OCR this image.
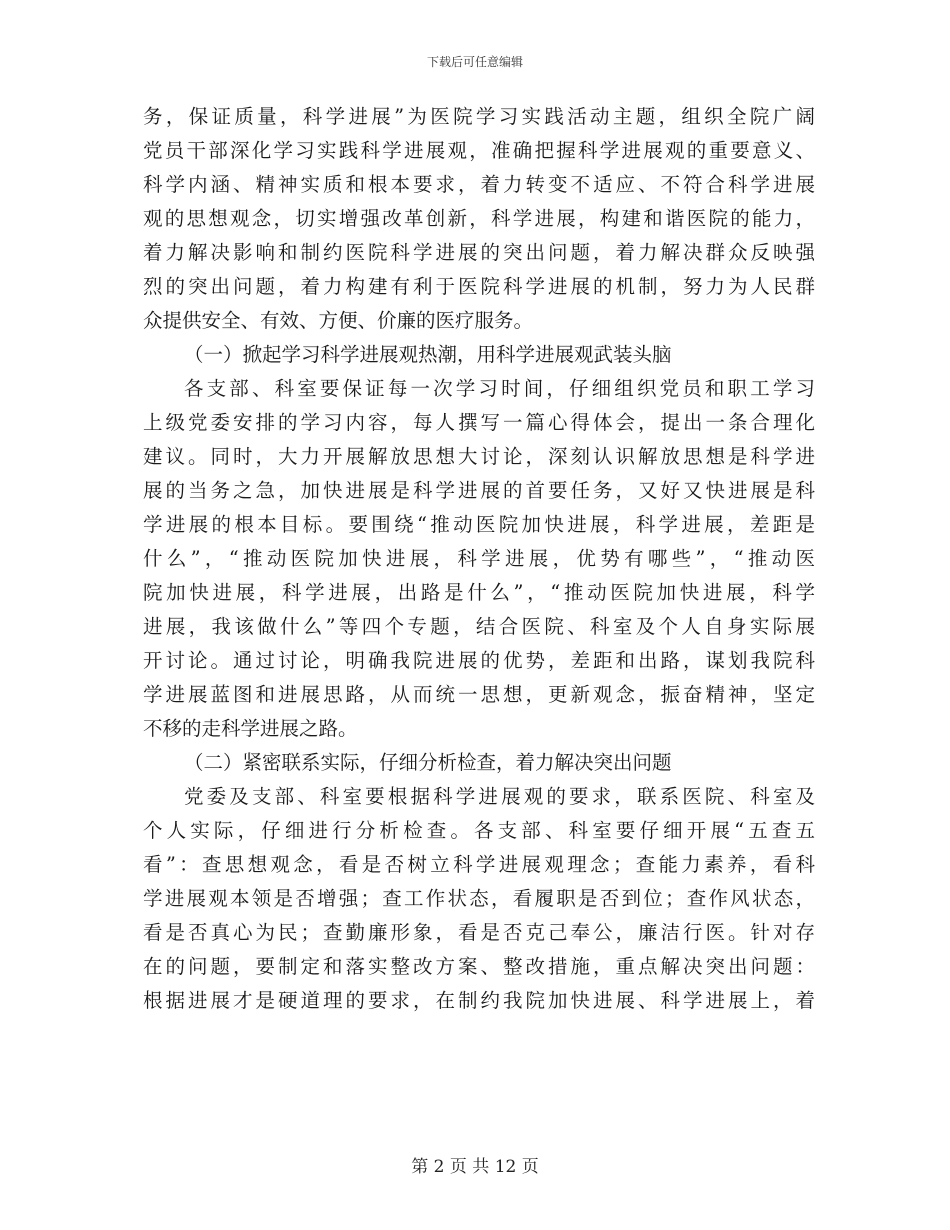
下载后可任意编辑
务，保证质量，科学进展”为医院学习实践活动主题，组织全院广阔
党员干部深化学习实践科学进展观，准确把握科学进展观的重要意义、
科学内涵、精神实质和根本要求，着力转变不适应、不符合科学进展
观的思想观念，切实增强改革创新，科学进展，构建和谐医院的能力，
着力解决影响和制约医院科学进展的突出问题，着力解决群众反映强
烈的突出问题，着力构建有利于医院科学进展的机制，努力为人民群
众提供安全、有效、方便、价廉的医疗服务。
（一）掀起学习科学进展观热潮，用科学进展观武装头脑
各支部、科室要保证每一次学习时间，仔细组织党员和职工学习
上级党委安排的学习内容，每人撰写一篇心得体会，提出一条合理化
建议。同时，大力开展解放思想大讨论，深刻认识解放思想是科学进
展的当务之急，加快进展是科学进展的首要任务，又好又快进展是科
学进展的根本目标。要围绕“推动医院加快进展，科学进展，差距是
什么”，“推动医院加快进展，科学进展，优势有哪些”，“推动医
院加快进展，科学进展，出路是什么”，“推动医院加快进展，科学
进展，我该做什么”等四个专题，结合医院、科室及个人自身实际展
开讨论。通过讨论，明确我院进展的优势，差距和出路，谋划我院科
学进展蓝图和进展思路，从而统一思想，更新观念，振奋精神，坚定
不移的走科学进展之路。
（二）紧密联系实际，仔细分析检查，着力解决突出问题
党委及支部、科室要根据科学进展观的要求，联系医院、科室及
个人实际，仔细进行分析检查。各支部、科室要仔细开展“五查五
看”：查思想观念，看是否树立科学进展观理念；查能力素养，看科
学进展观本领是否增强；查工作状态，看履职是否到位；查作风状态，
看是否真心为民；查勤廉形象，看是否克己奉公，廉洁行医。针对存
在的问题，要制定和落实整改方案、整改措施，重点解决突出问题：
根据进展才是硬道理的要求，在制约我院加快进展、科学进展上，着
第 2 页 共 12 页
